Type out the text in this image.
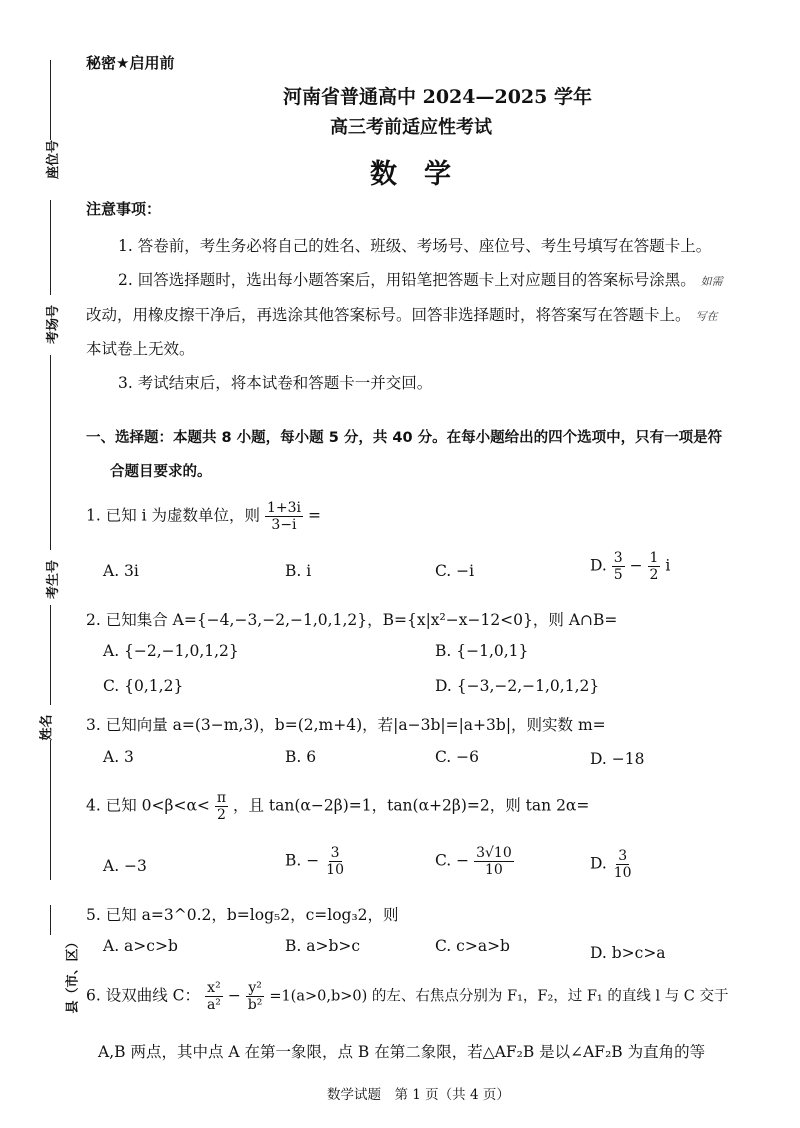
座位号
考场号
考生号
姓名
县（市、区）
秘密★启用前
河南省普通高中 2024—2025 学年
高三考前适应性考试
数　学
注意事项：
1. 答卷前，考生务必将自己的姓名、班级、考场号、座位号、考生号填写在答题卡上。
2. 回答选择题时，选出每小题答案后，用铅笔把答题卡上对应题目的答案标号涂黑。 如需
改动，用橡皮擦干净后，再选涂其他答案标号。回答非选择题时，将答案写在答题卡上。 写在
本试卷上无效。
3. 考试结束后，将本试卷和答题卡一并交回。
一、选择题：本题共 8 小题，每小题 5 分，共 40 分。在每小题给出的四个选项中，只有一项是符
合题目要求的。
1. 已知 i 为虚数单位，则 $\frac{1+3i}{3-i}$ =
A. 3i	B. i	C. −i	D. $\frac{3}{5} - \frac{1}{2}$ i
2. 已知集合 A={−4,−3,−2,−1,0,1,2}，B={x|x²−x−12<0}，则 A∩B=
A. {−2,−1,0,1,2}	B. {−1,0,1}
C. {0,1,2}	D. {−3,−2,−1,0,1,2}
3. 已知向量 a=(3−m,3)，b=(2,m+4)，若|a−3b|=|a+3b|，则实数 m=
A. 3	B. 6	C. −6	D. −18
4. 已知 $0<\beta<\alpha< \frac{\pi}{2}$ ，且 tan(α−2β)=1，tan(α+2β)=2，则 tan 2α=
A. −3	B. − $\frac{3}{10}$	C. − $\frac{3√10}{10}$	D. $\frac{3}{10}$
5. 已知 a=3^0.2，b=log₅2，c=log₃2，则
A. a>c>b	B. a>b>c	C. c>a>b	D. b>c>a
6. 设双曲线 C： $\frac{\text{x²}}{\text{a²}} - \frac{\text{y²}}{\text{b²}} =1(a>0,b>0)$ 的左、右焦点分别为 F₁，F₂，过 F₁ 的直线 l 与 C 交于
A,B 两点，其中点 A 在第一象限，点 B 在第二象限，若△AF₂B 是以∠AF₂B 为直角的等
数学试题　第 1 页（共 4 页）
